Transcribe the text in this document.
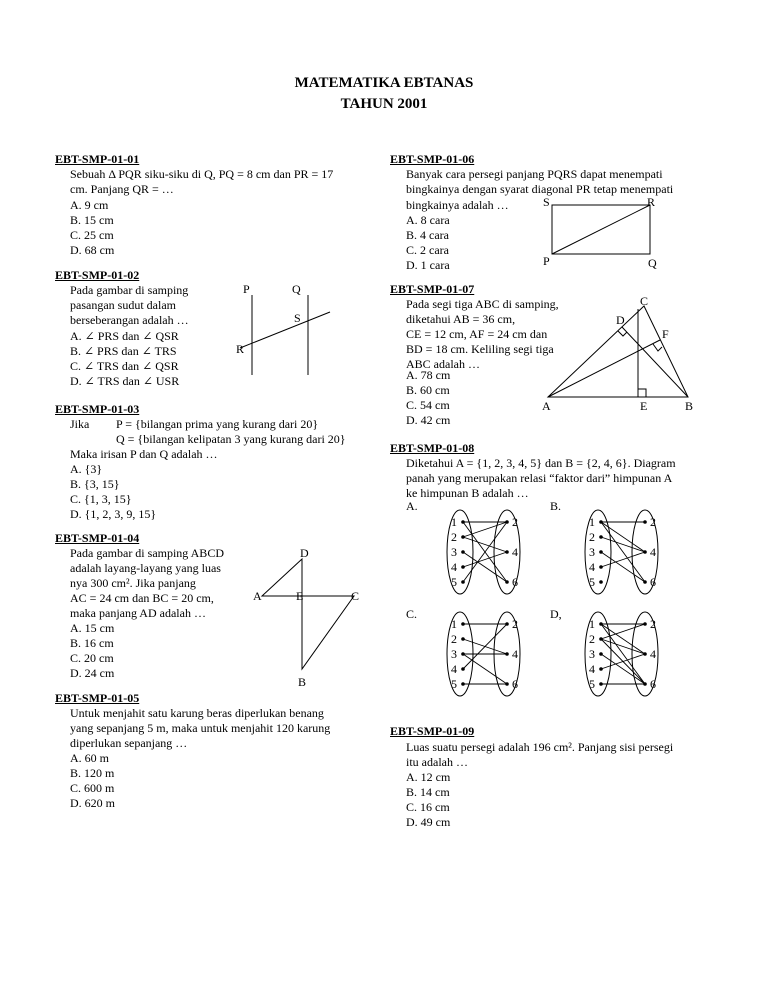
MATEMATIKA EBTANAS
TAHUN 2001
EBT-SMP-01-01
Sebuah Δ PQR siku-siku di Q, PQ = 8 cm dan PR = 17
cm. Panjang QR = …
A. 9 cm
B. 15 cm
C. 25 cm
D. 68 cm
EBT-SMP-01-02
Pada gambar di samping
pasangan sudut dalam
berseberangan adalah …
A. ∠ PRS dan ∠ QSR
B. ∠ PRS dan ∠ TRS
C. ∠ TRS dan ∠ QSR
D. ∠ TRS dan ∠ USR
P	Q
S
R
EBT-SMP-01-03
Jika P = {bilangan prima yang kurang dari 20}
Q = {bilangan kelipatan 3 yang kurang dari 20}
Maka irisan P dan Q adalah …
A. {3}
B. {3, 15}
C. {1, 3, 15}
D. {1, 2, 3, 9, 15}
EBT-SMP-01-04
Pada gambar di samping ABCD
adalah layang-layang yang luas
nya 300 cm². Jika panjang
AC = 24 cm dan BC = 20 cm,
maka panjang AD adalah …
A. 15 cm
B. 16 cm
C. 20 cm
D. 24 cm
D
A	E	C
B
EBT-SMP-01-05
Untuk menjahit satu karung beras diperlukan benang
yang sepanjang 5 m, maka untuk menjahit 120 karung
diperlukan sepanjang …
A. 60 m
B. 120 m
C. 600 m
D. 620 m
EBT-SMP-01-06
Banyak cara persegi panjang PQRS dapat menempati
bingkainya dengan syarat diagonal PR tetap menempati
bingkainya adalah …
A. 8 cara
B. 4 cara
C. 2 cara
D. 1 cara
S	R
P	Q
EBT-SMP-01-07
Pada segi tiga ABC di samping,
diketahui AB = 36 cm,
CE = 12 cm, AF = 24 cm dan
BD = 18 cm. Keliling segi tiga
ABC adalah …
A. 78 cm
B. 60 cm
C. 54 cm
D. 42 cm
C
D
F
A	E	B
EBT-SMP-01-08
Diketahui A = {1, 2, 3, 4, 5} dan B = {2, 4, 6}. Diagram
panah yang merupakan relasi “faktor dari” himpunan A
ke himpunan B adalah …
A.	B.
C.	D,
1
2
3
4
5
2
4
6
1
2
3
4
5
2
4
6
1
2
3
4
5
2
4
6
1
2
3
4
5
2
4
6
EBT-SMP-01-09
Luas suatu persegi adalah 196 cm². Panjang sisi persegi
itu adalah …
A. 12 cm
B. 14 cm
C. 16 cm
D. 49 cm
